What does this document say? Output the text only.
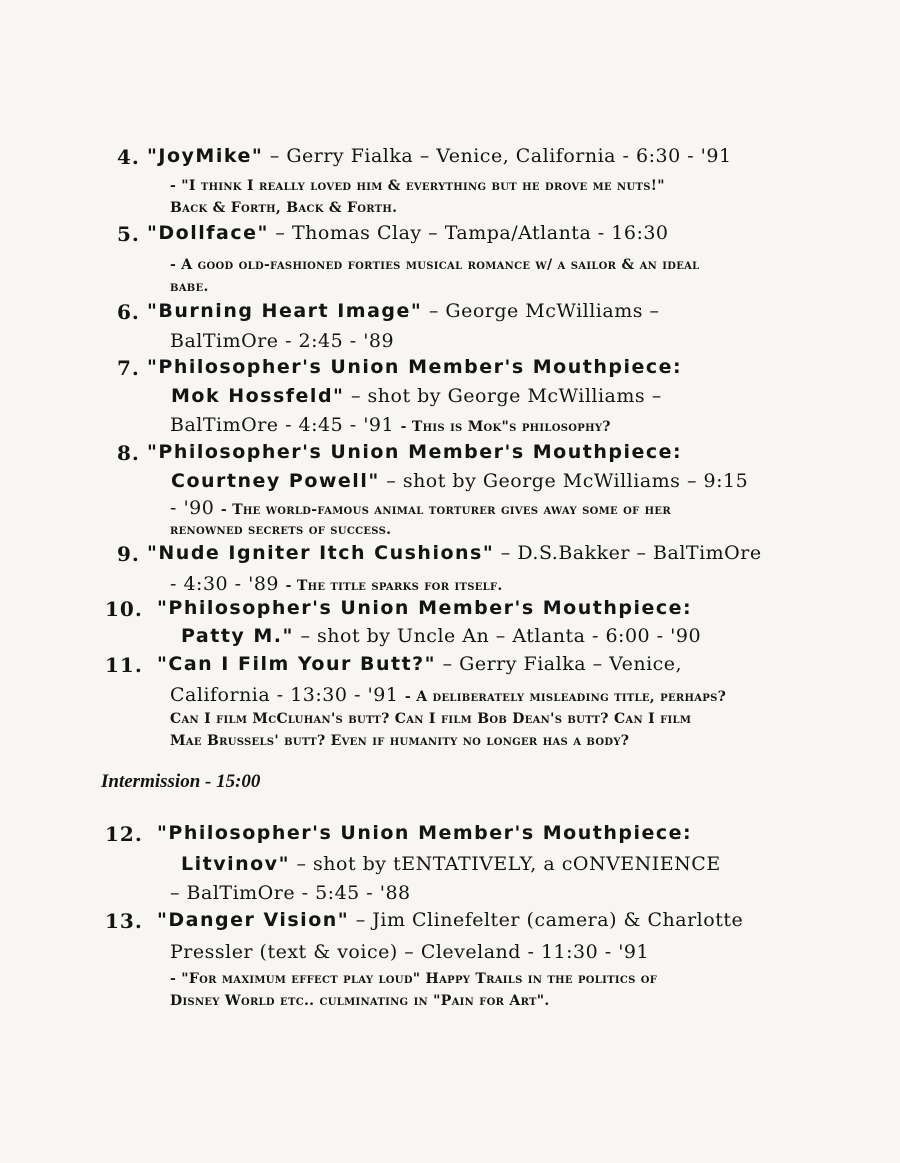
4. "JoyMike" – Gerry Fialka – Venice, California - 6:30 - '91
- "I think I really loved him & everything but he drove me nuts!"
Back & Forth, Back & Forth.
5. "Dollface" – Thomas Clay – Tampa/Atlanta - 16:30
- A good old-fashioned forties musical romance w/ a sailor & an ideal
babe.
6. "Burning Heart Image" – George McWilliams –
BalTimOre - 2:45 - '89
7. "Philosopher's Union Member's Mouthpiece:
Mok Hossfeld" – shot by George McWilliams –
BalTimOre - 4:45 - '91 - This is Mok"s philosophy?
8. "Philosopher's Union Member's Mouthpiece:
Courtney Powell" – shot by George McWilliams – 9:15
- '90 - The world-famous animal torturer gives away some of her
renowned secrets of success.
9. "Nude Igniter Itch Cushions" – D.S.Bakker – BalTimOre
- 4:30 - '89 - The title sparks for itself.
10. "Philosopher's Union Member's Mouthpiece:
Patty M." – shot by Uncle An – Atlanta - 6:00 - '90
11. "Can I Film Your Butt?" – Gerry Fialka – Venice,
California - 13:30 - '91 - A deliberately misleading title, perhaps?
Can I film McCluhan's butt? Can I film Bob Dean's butt? Can I film
Mae Brussels' butt? Even if humanity no longer has a body?
12. "Philosopher's Union Member's Mouthpiece:
Litvinov" – shot by tENTATIVELY, a cONVENIENCE
– BalTimOre - 5:45 - '88
13. "Danger Vision" – Jim Clinefelter (camera) & Charlotte
Pressler (text & voice) – Cleveland - 11:30 - '91
- "For maximum effect play loud" Happy Trails in the politics of
Disney World etc.. culminating in "Pain for Art".
Intermission - 15:00
